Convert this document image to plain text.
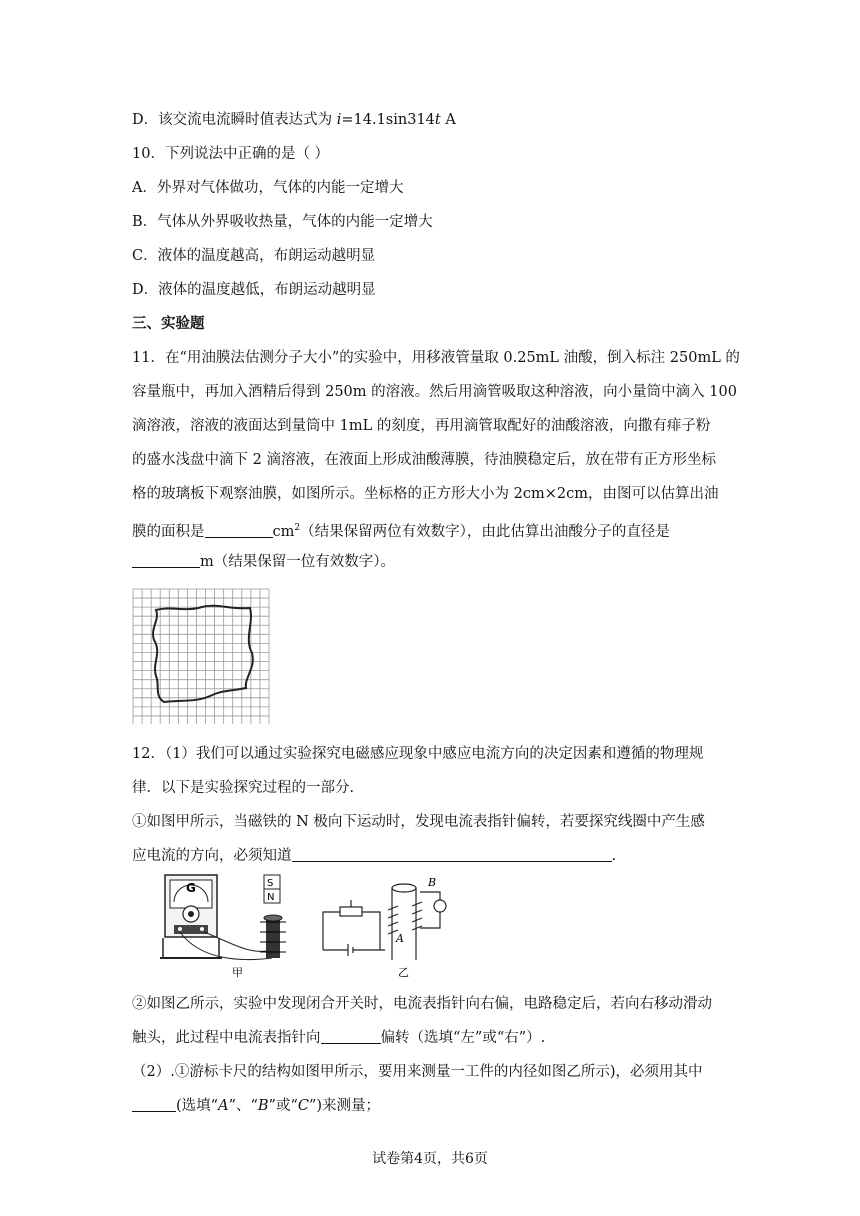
D．该交流电流瞬时值表达式为 i=14.1sin314t A
10．下列说法中正确的是（ ）
A．外界对气体做功，气体的内能一定增大
B．气体从外界吸收热量，气体的内能一定增大
C．液体的温度越高，布朗运动越明显
D．液体的温度越低，布朗运动越明显
三、实验题
11．在“用油膜法估测分子大小”的实验中，用移液管量取 0.25mL 油酸，倒入标注 250mL 的
容量瓶中，再加入酒精后得到 250m 的溶液。然后用滴管吸取这种溶液，向小量筒中滴入 100
滴溶液，溶液的液面达到量筒中 1mL 的刻度，再用滴管取配好的油酸溶液，向撒有痱子粉
的盛水浅盘中滴下 2 滴溶液，在液面上形成油酸薄膜，待油膜稳定后，放在带有正方形坐标
格的玻璃板下观察油膜，如图所示。坐标格的正方形大小为 2cm×2cm，由图可以估算出油
膜的面积是	$cm^2$（结果保留两位有效数字），由此估算出油酸分子的直径是
m（结果保留一位有效数字）。
12．（1）我们可以通过实验探究电磁感应现象中感应电流方向的决定因素和遵循的物理规
律．以下是实验探究过程的一部分．
①如图甲所示，当磁铁的 N 极向下运动时，发现电流表指针偏转，若要探究线圈中产生感
应电流的方向，必须知道	.
G	S
N
B
A
甲	乙
②如图乙所示，实验中发现闭合开关时，电流表指针向右偏，电路稳定后，若向右移动滑动
触头，此过程中电流表指针向	偏转（选填“左”或“右”）.
（2）.①游标卡尺的结构如图甲所示，要用来测量一工件的内径如图乙所示)，必须用其中
(选填“A”、“B”或“C”)来测量；
试卷第4页，共6页
